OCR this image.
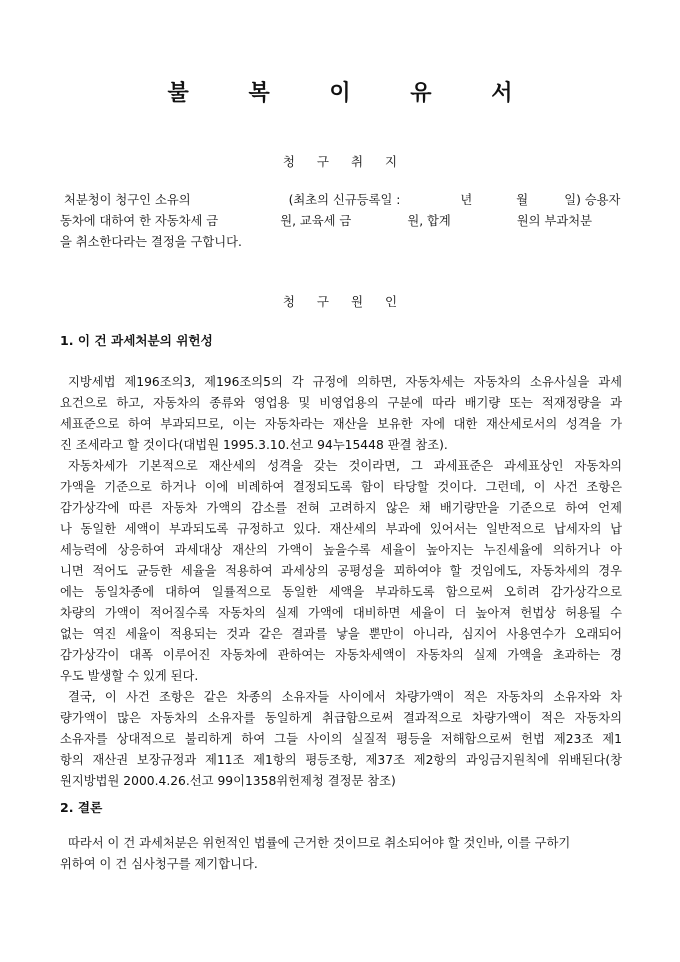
불 복 이 유 서
청 구 취 지
처분청이 청구인 소유의	(최초의 신규등록일 :	년	월	일) 승용자
동차에 대하여 한 자동차세 금	원, 교육세 금	원, 합계	원의 부과처분
을 취소한다라는 결정을 구합니다.
청 구 원 인
1. 이 건 과세처분의 위헌성
지방세법 제196조의3, 제196조의5의 각 규정에 의하면, 자동차세는 자동차의 소유사실을 과세
요건으로 하고, 자동차의 종류와 영업용 및 비영업용의 구분에 따라 배기량 또는 적재정량을 과
세표준으로 하여 부과되므로, 이는 자동차라는 재산을 보유한 자에 대한 재산세로서의 성격을 가
진 조세라고 할 것이다(대법원 1995.3.10.선고 94누15448 판결 참조).
자동차세가 기본적으로 재산세의 성격을 갖는 것이라면, 그 과세표준은 과세표상인 자동차의
가액을 기준으로 하거나 이에 비례하여 결정되도록 함이 타당할 것이다. 그런데, 이 사건 조항은
감가상각에 따른 자동차 가액의 감소를 전혀 고려하지 않은 채 배기량만을 기준으로 하여 언제
나 동일한 세액이 부과되도록 규정하고 있다. 재산세의 부과에 있어서는 일반적으로 납세자의 납
세능력에 상응하여 과세대상 재산의 가액이 높을수록 세율이 높아지는 누진세율에 의하거나 아
니면 적어도 균등한 세율을 적용하여 과세상의 공평성을 꾀하여야 할 것임에도, 자동차세의 경우
에는 동일차종에 대하여 일률적으로 동일한 세액을 부과하도록 함으로써 오히려 감가상각으로
차량의 가액이 적어질수록 자동차의 실제 가액에 대비하면 세율이 더 높아져 헌법상 허용될 수
없는 역진 세율이 적용되는 것과 같은 결과를 낳을 뿐만이 아니라, 심지어 사용연수가 오래되어
감가상각이 대폭 이루어진 자동차에 관하여는 자동차세액이 자동차의 실제 가액을 초과하는 경
우도 발생할 수 있게 된다.
결국, 이 사건 조항은 같은 차종의 소유자들 사이에서 차량가액이 적은 자동차의 소유자와 차
량가액이 많은 자동차의 소유자를 동일하게 취급함으로써 결과적으로 차량가액이 적은 자동차의
소유자를 상대적으로 불리하게 하여 그들 사이의 실질적 평등을 저해함으로써 헌법 제23조 제1
항의 재산권 보장규정과 제11조 제1항의 평등조항, 제37조 제2항의 과잉금지원칙에 위배된다(창
원지방법원 2000.4.26.선고 99이1358위헌제청 결정문 참조)
2. 결론
따라서 이 건 과세처분은 위헌적인 법률에 근거한 것이므로 취소되어야 할 것인바, 이를 구하기
위하여 이 건 심사청구를 제기합니다.
